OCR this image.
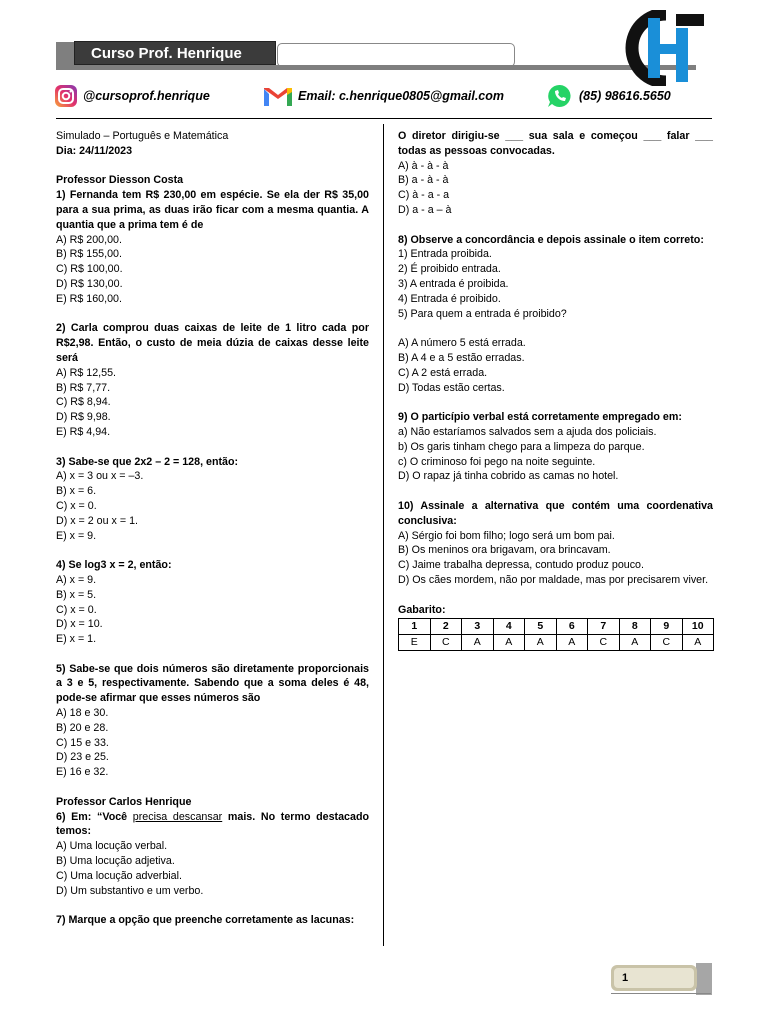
Curso Prof. Henrique
@cursoprof.henrique	Email: c.henrique0805@gmail.com	(85) 98616.5650
Simulado – Português e Matemática
Dia: 24/11/2023
Professor Diesson Costa
1) Fernanda tem R$ 230,00 em espécie. Se ela der R$ 35,00 para a sua prima, as duas irão ficar com a mesma quantia. A quantia que a prima tem é de
A) R$ 200,00.
B) R$ 155,00.
C) R$ 100,00.
D) R$ 130,00.
E) R$ 160,00.
2) Carla comprou duas caixas de leite de 1 litro cada por R$2,98. Então, o custo de meia dúzia de caixas desse leite será
A) R$ 12,55.
B) R$ 7,77.
C) R$ 8,94.
D) R$ 9,98.
E) R$ 4,94.
3) Sabe-se que 2x2 – 2 = 128, então:
A) x = 3 ou x = –3.
B) x = 6.
C) x = 0.
D) x = 2 ou x = 1.
E) x = 9.
4) Se log3 x = 2, então:
A) x = 9.
B) x = 5.
C) x = 0.
D) x = 10.
E) x = 1.
5) Sabe-se que dois números são diretamente proporcionais a 3 e 5, respectivamente. Sabendo que a soma deles é 48, pode-se afirmar que esses números são
A) 18 e 30.
B) 20 e 28.
C) 15 e 33.
D) 23 e 25.
E) 16 e 32.
Professor Carlos Henrique
6) Em: “Você precisa descansar mais. No termo destacado temos:
A) Uma locução verbal.
B) Uma locução adjetiva.
C) Uma locução adverbial.
D) Um substantivo e um verbo.
7) Marque a opção que preenche corretamente as lacunas:
O diretor dirigiu-se ___ sua sala e começou ___ falar ___ todas as pessoas convocadas.
A) à - à - à
B) a - à - à
C) à - a - a
D) a - a – à
8) Observe a concordância e depois assinale o item correto:
1) Entrada proibida.
2) É proibido entrada.
3) A entrada é proibida.
4) Entrada é proibido.
5) Para quem a entrada é proibido?
A) A número 5 está errada.
B) A 4 e a 5 estão erradas.
C) A 2 está errada.
D) Todas estão certas.
9) O particípio verbal está corretamente empregado em:
a) Não estaríamos salvados sem a ajuda dos policiais.
b) Os garis tinham chego para a limpeza do parque.
c) O criminoso foi pego na noite seguinte.
D) O rapaz já tinha cobrido as camas no hotel.
10) Assinale a alternativa que contém uma coordenativa conclusiva:
A) Sérgio foi bom filho; logo será um bom pai.
B) Os meninos ora brigavam, ora brincavam.
C) Jaime trabalha depressa, contudo produz pouco.
D) Os cães mordem, não por maldade, mas por precisarem viver.
Gabarito:
1	2	3	4	5	6	7	8	9	10
E	C	A	A	A	A	C	A	C	A
1
